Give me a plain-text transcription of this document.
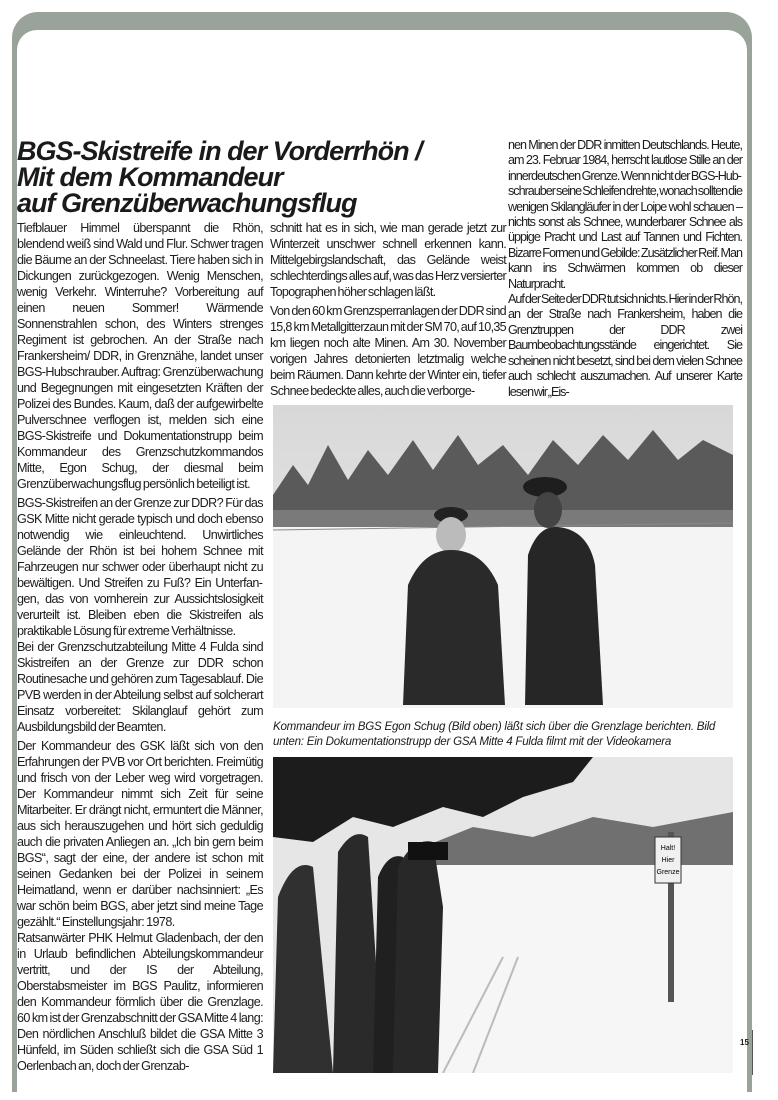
BGS-Skistreife in der Vorderrhön /
Mit dem Kommandeur
auf Grenzüberwachungsflug

Tiefblauer Himmel überspannt die Rhön, blendend weiß sind Wald und Flur. Schwer tragen die Bäume an der Schneelast. Tiere haben sich in Dickungen zurückgezogen. Wenig Menschen, wenig Verkehr. Winterruhe? Vorbereitung auf einen neuen Sommer! Wärmende Sonnenstrahlen schon, des Winters strenges Regiment ist gebrochen. An der Straße nach Frankersheim/ DDR, in Grenznähe, landet unser BGS-Hubschrauber. Auftrag: Grenzüberwachung und Begegnungen mit eingesetzten Kräften der Polizei des Bundes. Kaum, daß der aufgewirbelte Pulverschnee verflogen ist, melden sich eine BGS-Skistreife und Dokumentationstrupp beim Kommandeur des Grenzschutzkommandos Mitte, Egon Schug, der diesmal beim Grenzüberwachungsflug persönlich beteiligt ist.

BGS-Skistreifen an der Grenze zur DDR? Für das GSK Mitte nicht gerade typisch und doch ebenso notwendig wie einleuchtend. Unwirtliches Gelände der Rhön ist bei hohem Schnee mit Fahrzeugen nur schwer oder überhaupt nicht zu bewältigen. Und Streifen zu Fuß? Ein Unterfangen, das von vornherein zur Aussichtslosigkeit verurteilt ist. Bleiben eben die Skistreifen als praktikable Lösung für extreme Verhältnisse.

Bei der Grenzschutzabteilung Mitte 4 Fulda sind Skistreifen an der Grenze zur DDR schon Routinesache und gehören zum Tagesablauf. Die PVB werden in der Abteilung selbst auf solcherart Einsatz vorbereitet: Skilanglauf gehört zum Ausbildungsbild der Beamten.

Der Kommandeur des GSK läßt sich von den Erfahrungen der PVB vor Ort berichten. Freimütig und frisch von der Leber weg wird vorgetragen. Der Kommandeur nimmt sich Zeit für seine Mitarbeiter. Er drängt nicht, ermuntert die Männer, aus sich herauszugehen und hört sich geduldig auch die privaten Anliegen an. „Ich bin gern beim BGS“, sagt der eine, der andere ist schon mit seinen Gedanken bei der Polizei in seinem Heimatland, wenn er darüber nachsinniert: „Es war schön beim BGS, aber jetzt sind meine Tage gezählt.“ Einstellungsjahr: 1978.

Ratsanwärter PHK Helmut Gladenbach, der den in Urlaub befindlichen Abteilungskommandeur vertritt, und der IS der Abteilung, Oberstabsmeister im BGS Paulitz, informieren den Kommandeur förmlich über die Grenzlage. 60 km ist der Grenzabschnitt der GSA Mitte 4 lang: Den nördlichen Anschluß bildet die GSA Mitte 3 Hünfeld, im Süden schließt sich die GSA Süd 1 Oerlenbach an, doch der Grenzab-

schnitt hat es in sich, wie man gerade jetzt zur Winterzeit unschwer schnell erkennen kann. Mittelgebirgslandschaft, das Gelände weist schlechterdings alles auf, was das Herz versierter Topographen höher schlagen läßt.

Von den 60 km Grenzsperranlagen der DDR sind 15,8 km Metallgitterzaun mit der SM 70, auf 10,35 km liegen noch alte Minen. Am 30. November vorigen Jahres detonierten letztmalig welche beim Räumen. Dann kehrte der Winter ein, tiefer Schnee bedeckte alles, auch die verborge-

nen Minen der DDR inmitten Deutschlands. Heute, am 23. Februar 1984, herrscht lautlose Stille an der innerdeutschen Grenze. Wenn nicht der BGS-Hubschrauber seine Schleifen drehte, wonach sollten die wenigen Skilangläufer in der Loipe wohl schauen – nichts sonst als Schnee, wunderbarer Schnee als üppige Pracht und Last auf Tannen und Fichten. Bizarre Formen und Gebilde: Zusätzlicher Reif. Man kann ins Schwärmen kommen ob dieser Naturpracht.

Auf der Seite der DDR tut sich nichts. Hier in der Rhön, an der Straße nach Frankersheim, haben die Grenztruppen der DDR zwei Baumbeobachtungsstände eingerichtet. Sie scheinen nicht besetzt, sind bei dem vielen Schnee auch schlecht auszumachen. Auf unserer Karte lesen wir „Eis-

Kommandeur im BGS Egon Schug (Bild oben) läßt sich über die Grenzlage berichten. Bild unten: Ein Dokumentationstrupp der GSA Mitte 4 Fulda filmt mit der Videokamera
Halt!
Hier
Grenze
15
